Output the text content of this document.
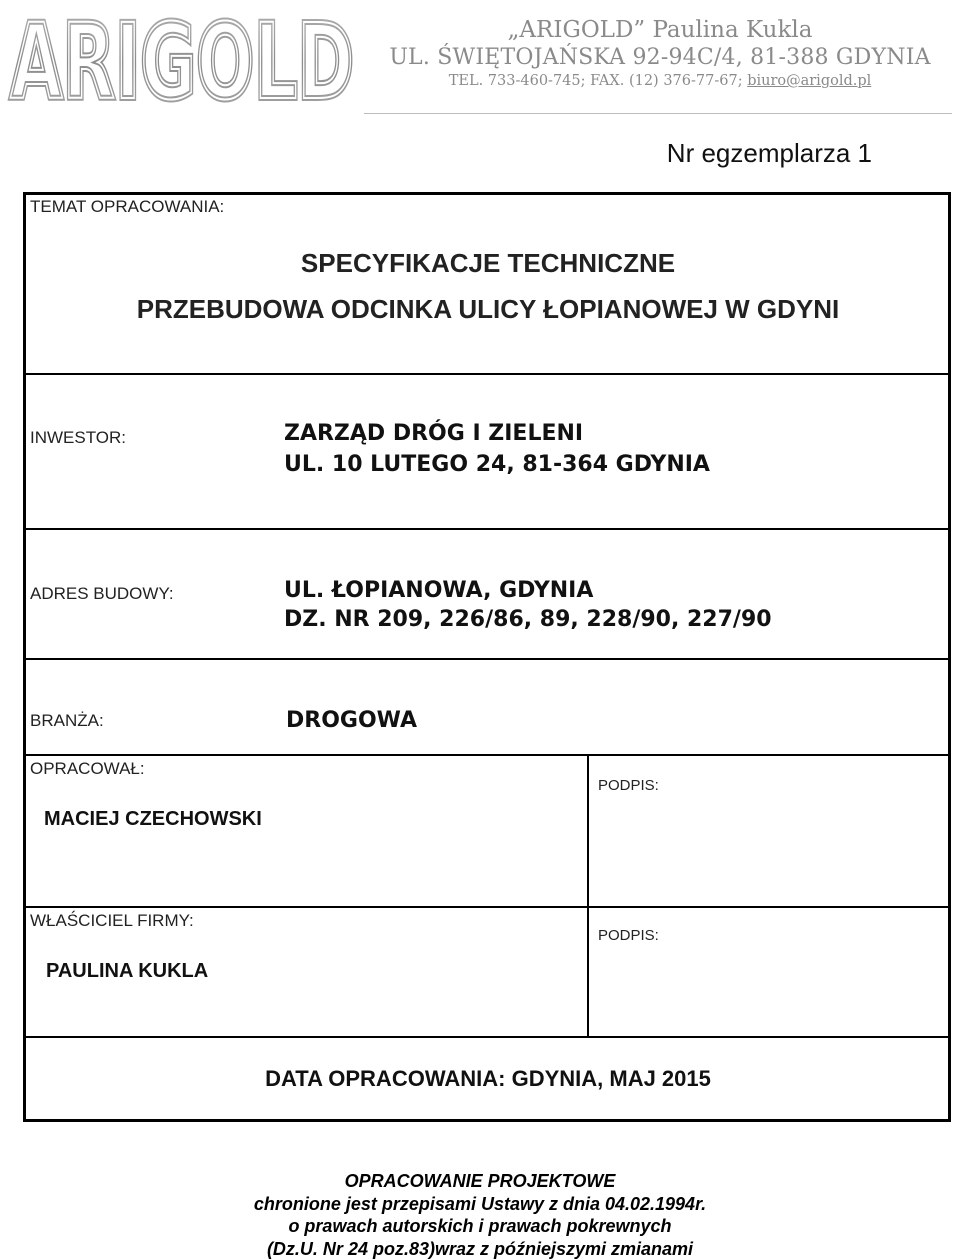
ARIGOLD
ARIGOLD	„ARIGOLD” Paulina Kukla
UL. ŚWIĘTOJAŃSKA 92-94C/4, 81-388 GDYNIA
TEL. 733-460-745; FAX. (12) 376-77-67; biuro@arigold.pl
Nr egzemplarza 1
TEMAT OPRACOWANIA:
SPECYFIKACJE TECHNICZNE
PRZEBUDOWA ODCINKA ULICY ŁOPIANOWEJ W GDYNI
INWESTOR:	ZARZĄD DRÓG I ZIELENI
UL. 10 LUTEGO 24, 81-364 GDYNIA
ADRES BUDOWY:	UL. ŁOPIANOWA, GDYNIA
DZ. NR 209, 226/86, 89, 228/90, 227/90
BRANŻA:	DROGOWA
OPRACOWAŁ:
MACIEJ CZECHOWSKI
PODPIS:
WŁAŚCICIEL FIRMY:
PAULINA KUKLA
PODPIS:
DATA OPRACOWANIA: GDYNIA, MAJ 2015
OPRACOWANIE PROJEKTOWE
chronione jest przepisami Ustawy z dnia 04.02.1994r.
o prawach autorskich i prawach pokrewnych
(Dz.U. Nr 24 poz.83)wraz z późniejszymi zmianami
